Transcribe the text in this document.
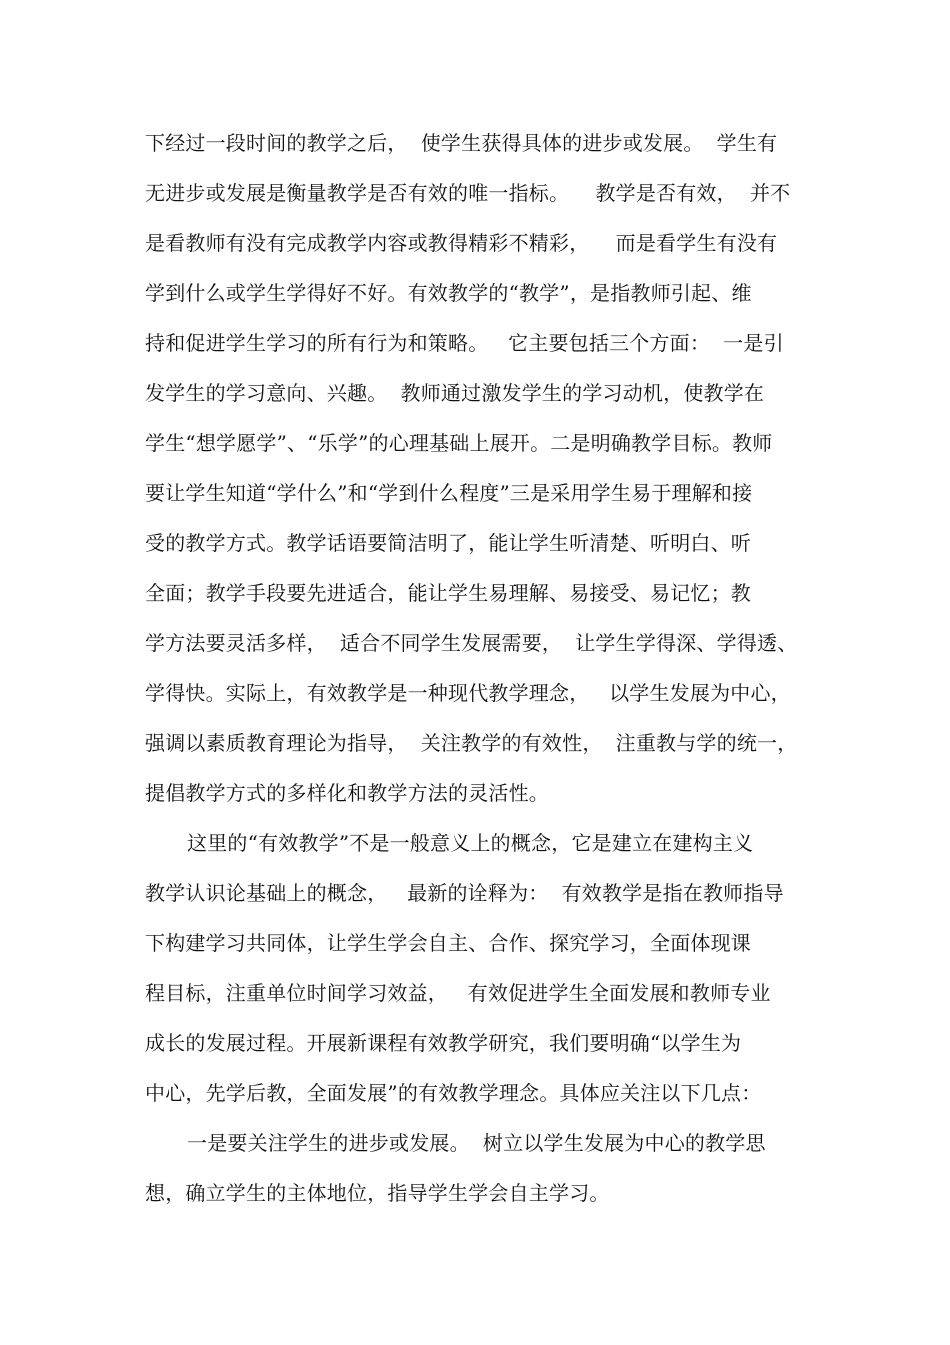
下经过一段时间的教学之后，  使学生获得具体的进步或发展。  学生有
无进步或发展是衡量教学是否有效的唯一指标。    教学是否有效，  并不
是看教师有没有完成教学内容或教得精彩不精彩，    而是看学生有没有
学到什么或学生学得好不好。有效教学的“教学”，是指教师引起、维
持和促进学生学习的所有行为和策略。   它主要包括三个方面：  一是引
发学生的学习意向、兴趣。  教师通过激发学生的学习动机，使教学在
学生“想学愿学”、“乐学”的心理基础上展开。二是明确教学目标。教师
要让学生知道“学什么”和“学到什么程度”三是采用学生易于理解和接
受的教学方式。教学话语要简洁明了，能让学生听清楚、听明白、听
全面；教学手段要先进适合，能让学生易理解、易接受、易记忆；教
学方法要灵活多样，  适合不同学生发展需要，  让学生学得深、学得透、
学得快。实际上，有效教学是一种现代教学理念，   以学生发展为中心，
强调以素质教育理论为指导，  关注教学的有效性，  注重教与学的统一，
提倡教学方式的多样化和教学方法的灵活性。
这里的“有效教学”不是一般意义上的概念，它是建立在建构主义
教学认识论基础上的概念，   最新的诠释为：  有效教学是指在教师指导
下构建学习共同体，让学生学会自主、合作、探究学习，全面体现课
程目标，注重单位时间学习效益，   有效促进学生全面发展和教师专业
成长的发展过程。开展新课程有效教学研究，我们要明确“以学生为
中心，先学后教，全面发展”的有效教学理念。具体应关注以下几点：
一是要关注学生的进步或发展。  树立以学生发展为中心的教学思
想，确立学生的主体地位，指导学生学会自主学习。
